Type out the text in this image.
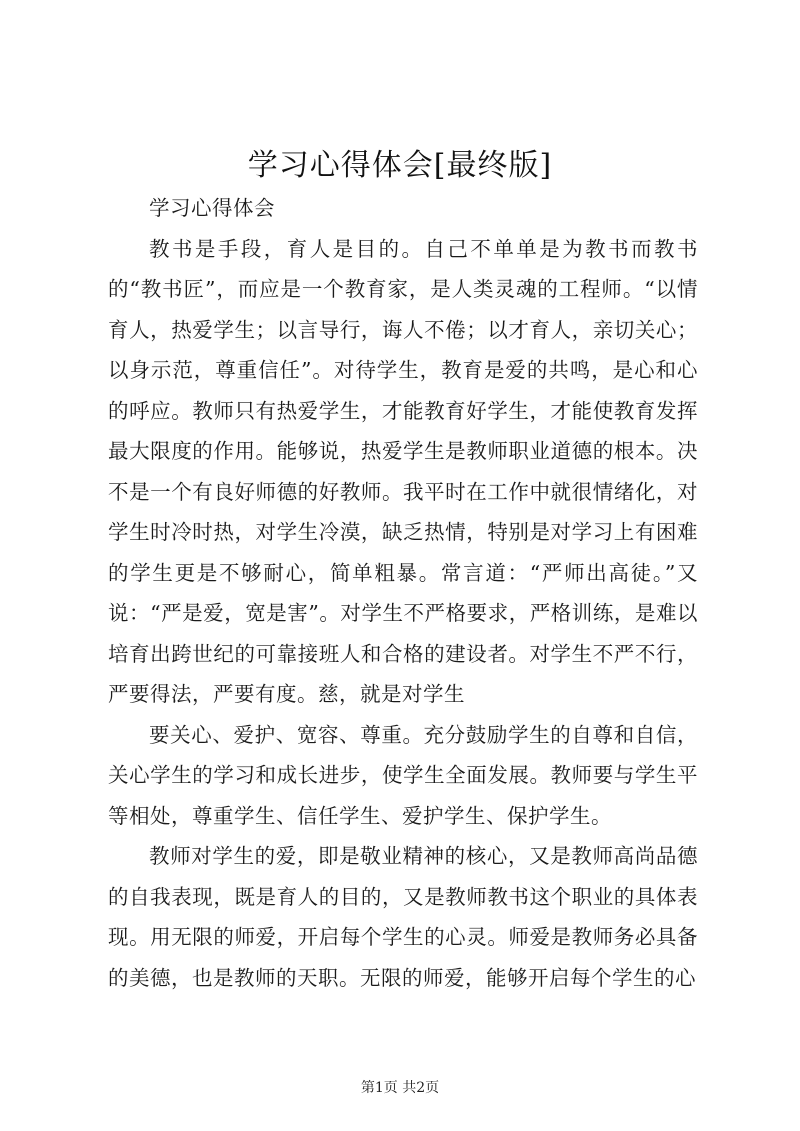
学习心得体会[最终版]

学习心得体会

教书是手段，育人是目的。自己不单单是为教书而教书的“教书匠”，而应是一个教育家，是人类灵魂的工程师。“以情育人，热爱学生；以言导行，诲人不倦；以才育人，亲切关心；以身示范，尊重信任”。对待学生，教育是爱的共鸣，是心和心的呼应。教师只有热爱学生，才能教育好学生，才能使教育发挥最大限度的作用。能够说，热爱学生是教师职业道德的根本。决不是一个有良好师德的好教师。我平时在工作中就很情绪化，对学生时冷时热，对学生冷漠，缺乏热情，特别是对学习上有困难的学生更是不够耐心，简单粗暴。常言道：“严师出高徒。”又说：“严是爱，宽是害”。对学生不严格要求，严格训练，是难以培育出跨世纪的可靠接班人和合格的建设者。对学生不严不行，严要得法，严要有度。慈，就是对学生

要关心、爱护、宽容、尊重。充分鼓励学生的自尊和自信，关心学生的学习和成长进步，使学生全面发展。教师要与学生平等相处，尊重学生、信任学生、爱护学生、保护学生。

教师对学生的爱，即是敬业精神的核心，又是教师高尚品德的自我表现，既是育人的目的，又是教师教书这个职业的具体表现。用无限的师爱，开启每个学生的心灵。师爱是教师务必具备的美德，也是教师的天职。无限的师爱，能够开启每个学生的心

第1页 共2页
